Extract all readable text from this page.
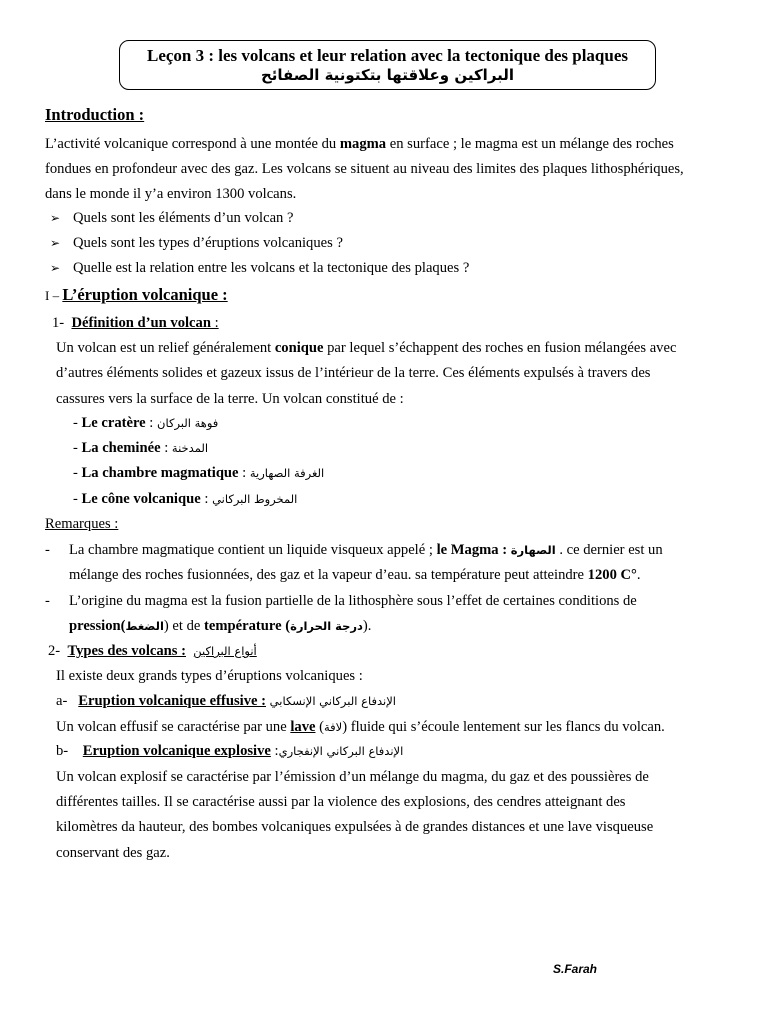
Leçon 3 : les volcans et leur relation avec la tectonique des plaques
البراكين وعلاقتها بتكتونية الصفائح
Introduction :
L’activité volcanique correspond à une montée du magma en surface ; le magma est un mélange des roches
fondues en profondeur avec des gaz. Les volcans se situent au niveau des limites des plaques lithosphériques,
dans le monde il y’a environ 1300 volcans.
➢ Quels sont les éléments d’un volcan ?
➢ Quels sont les types d’éruptions volcaniques ?
➢ Quelle est la relation entre les volcans et la tectonique des plaques ?
I – L’éruption volcanique :
1- Définition d’un volcan :
Un volcan est un relief généralement conique par lequel s’échappent des roches en fusion mélangées avec
d’autres éléments solides et gazeux issus de l’intérieur de la terre. Ces éléments expulsés à travers des
cassures vers la surface de la terre. Un volcan constitué de :
- Le cratère : فوهة البركان
- La cheminée : المدخنة
- La chambre magmatique : الغرفة الصهارية
- Le cône volcanique : المخروط البركاني
Remarques :
- La chambre magmatique contient un liquide visqueux appelé ; le Magma : الصهارة . ce dernier est un
mélange des roches fusionnées, des gaz et la vapeur d’eau. sa température peut atteindre 1200 C°.
- L’origine du magma est la fusion partielle de la lithosphère sous l’effet de certaines conditions de
pression(الضغط) et de température (درجة الحرارة).
2- Types des volcans : أنواع البراكين
Il existe deux grands types d’éruptions volcaniques :
a- Eruption volcanique effusive : الإندفاع البركاني الإنسكابي
Un volcan effusif se caractérise par une lave (لافة) fluide qui s’écoule lentement sur les flancs du volcan.
b- Eruption volcanique explosive :الإندفاع البركاني الإنفجاري
Un volcan explosif se caractérise par l’émission d’un mélange du magma, du gaz et des poussières de
différentes tailles. Il se caractérise aussi par la violence des explosions, des cendres atteignant des
kilomètres da hauteur, des bombes volcaniques expulsées à de grandes distances et une lave visqueuse
conservant des gaz.
S.Farah
